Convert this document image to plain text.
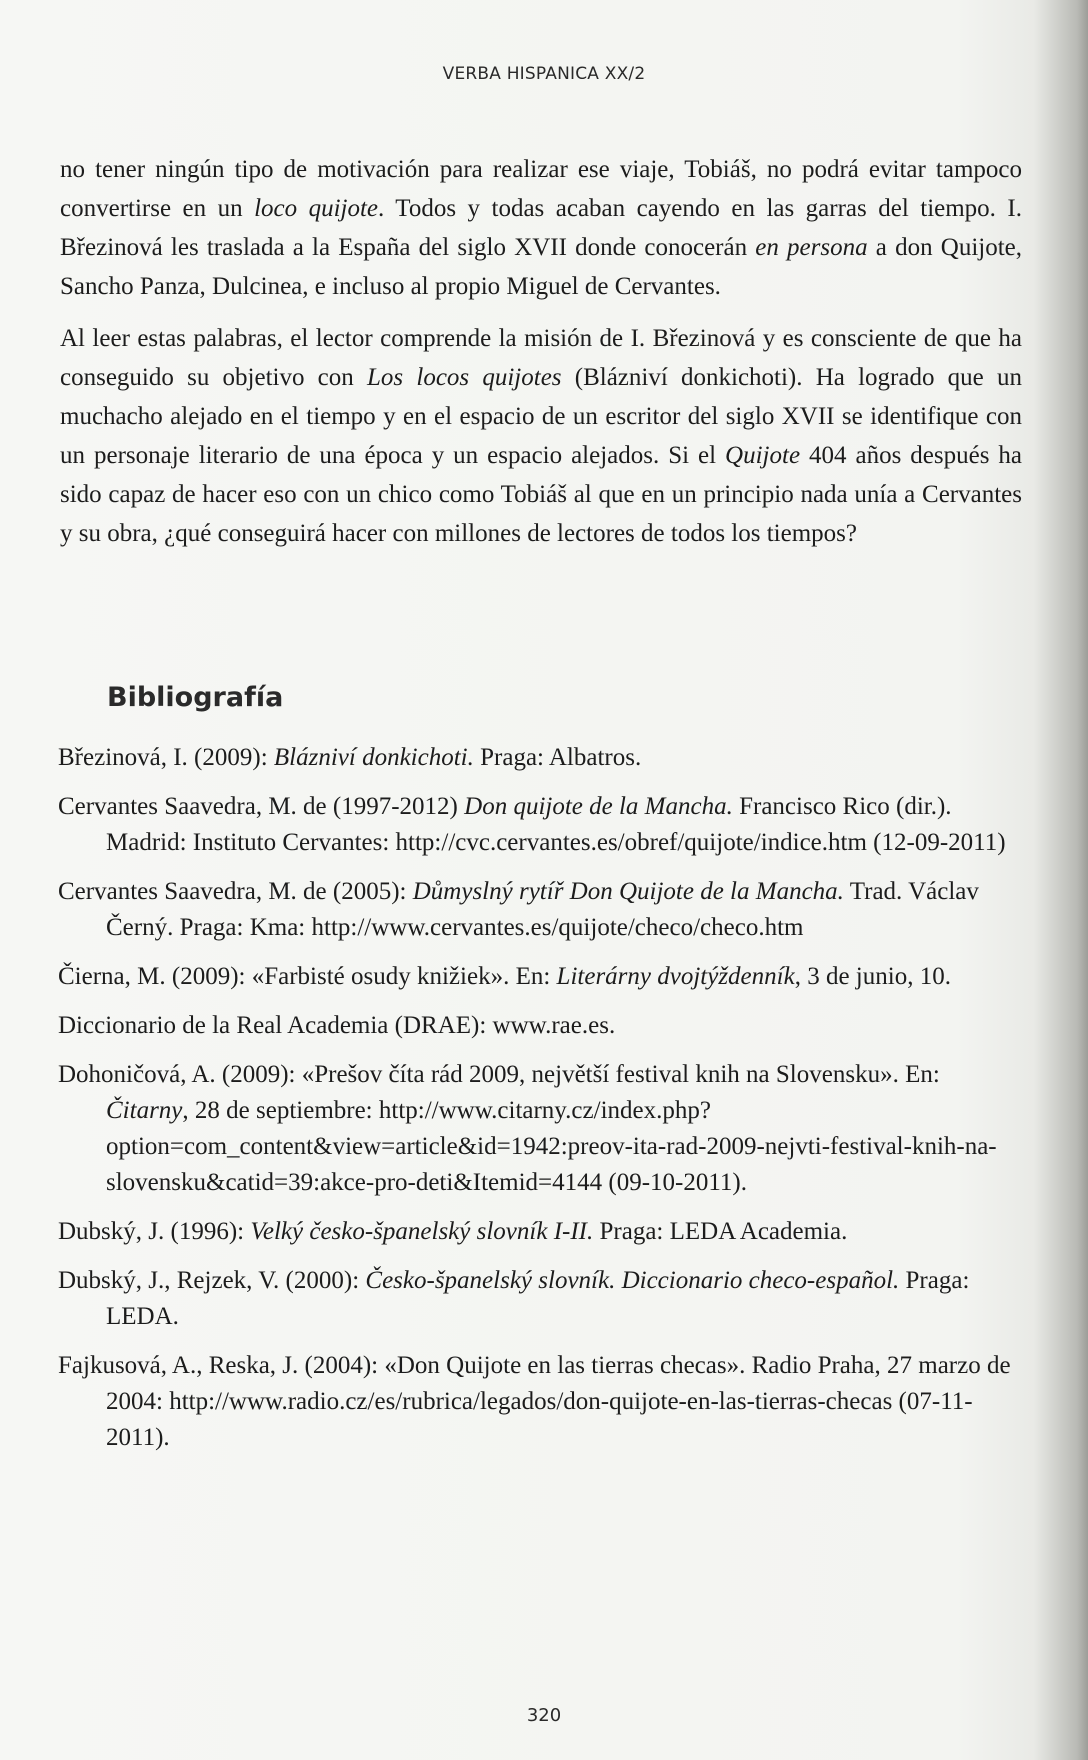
VERBA HISPANICA XX/2

no tener ningún tipo de motivación para realizar ese viaje, Tobiáš, no podrá evitar tampoco convertirse en un loco quijote. Todos y todas acaban cayendo en las garras del tiempo. I. Březinová les traslada a la España del siglo XVII donde conocerán en persona a don Quijote, Sancho Panza, Dulcinea, e incluso al propio Miguel de Cervantes.

Al leer estas palabras, el lector comprende la misión de I. Březinová y es consciente de que ha conseguido su objetivo con Los locos quijotes (Blázniví donkichoti). Ha logrado que un muchacho alejado en el tiempo y en el espacio de un escritor del siglo XVII se identifique con un personaje literario de una época y un espacio alejados. Si el Quijote 404 años después ha sido capaz de hacer eso con un chico como Tobiáš al que en un principio nada unía a Cervantes y su obra, ¿qué conseguirá hacer con millones de lectores de todos los tiempos?

Bibliografía
Březinová, I. (2009): Blázniví donkichoti. Praga: Albatros.
Cervantes Saavedra, M. de (1997-2012) Don quijote de la Mancha. Francisco Rico (dir.). Madrid: Instituto Cervantes: http://cvc.cervantes.es/obref/quijote/indice.htm (12-09-2011)
Cervantes Saavedra, M. de (2005): Důmyslný rytíř Don Quijote de la Mancha. Trad. Václav Černý. Praga: Kma: http://www.cervantes.es/quijote/checo/checo.htm
Čierna, M. (2009): «Farbisté osudy knižiek». En: Literárny dvojtýždenník, 3 de junio, 10.
Diccionario de la Real Academia (DRAE): www.rae.es.
Dohoničová, A. (2009): «Prešov číta rád 2009, největší festival knih na Slovensku». En: Čitarny, 28 de septiembre: http://www.citarny.cz/index.php?option=com_content&view=article&id=1942:preov-ita-rad-2009-nejvti-festival-knih-na-slovensku&catid=39:akce-pro-deti&Itemid=4144 (09-10-2011).
Dubský, J. (1996): Velký česko-španelský slovník I-II. Praga: LEDA Academia.
Dubský, J., Rejzek, V. (2000): Česko-španelský slovník. Diccionario checo-español. Praga: LEDA.
Fajkusová, A., Reska, J. (2004): «Don Quijote en las tierras checas». Radio Praha, 27 marzo de 2004: http://www.radio.cz/es/rubrica/legados/don-quijote-en-las-tierras-checas (07-11-2011).
320
